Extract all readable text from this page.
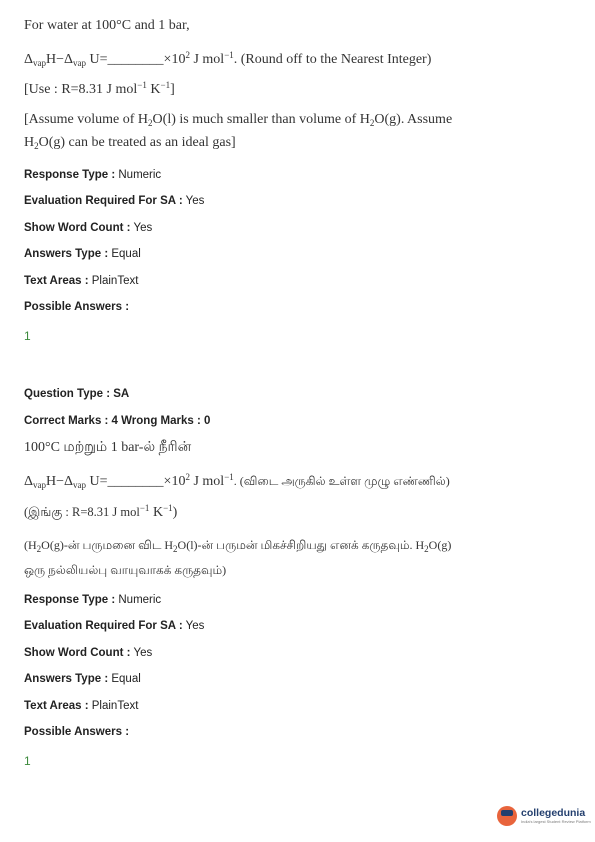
For water at 100°C and 1 bar,
$\Delta_{vap}H-\Delta_{vap}$ $U=\_\_\_\_\_\_\_\_\times 10^2$ J mol$^{-1}$. (Round off to the Nearest Integer)
[Use : R=8.31 J mol$^{-1}$ $K^{-1}$]
[Assume volume of $H_2O(l)$ is much smaller than volume of $H_2O(g)$. Assume $H_2O(g)$ can be treated as an ideal gas]
Response Type : Numeric
Evaluation Required For SA : Yes
Show Word Count : Yes
Answers Type : Equal
Text Areas : PlainText
Possible Answers :
1
Question Type : SA
Correct Marks : 4 Wrong Marks : 0
100°C மற்றும் 1 bar-ல் நீரின்
$\Delta_{vap}H-\Delta_{vap}$ $U=\_\_\_\_\_\_\_\_\times 10^2$ J mol$^{-1}$. (விடை அருகில் உள்ள முழு எண்ணில்)
(இங்கு : R=8.31 J mol$^{-1}$ $K^{-1}$)
($H_2O(g)-ன்$ பருமனை விட $H_2O(l)-ன்$ பருமன் மிகச்சிறியது எனக் கருதவும். $H_2O(g)$ ஒரு நல்லியல்பு வாயுவாகக் கருதவும்)
Response Type : Numeric
Evaluation Required For SA : Yes
Show Word Count : Yes
Answers Type : Equal
Text Areas : PlainText
Possible Answers :
1
collegedunia
India's largest Student Review Platform
